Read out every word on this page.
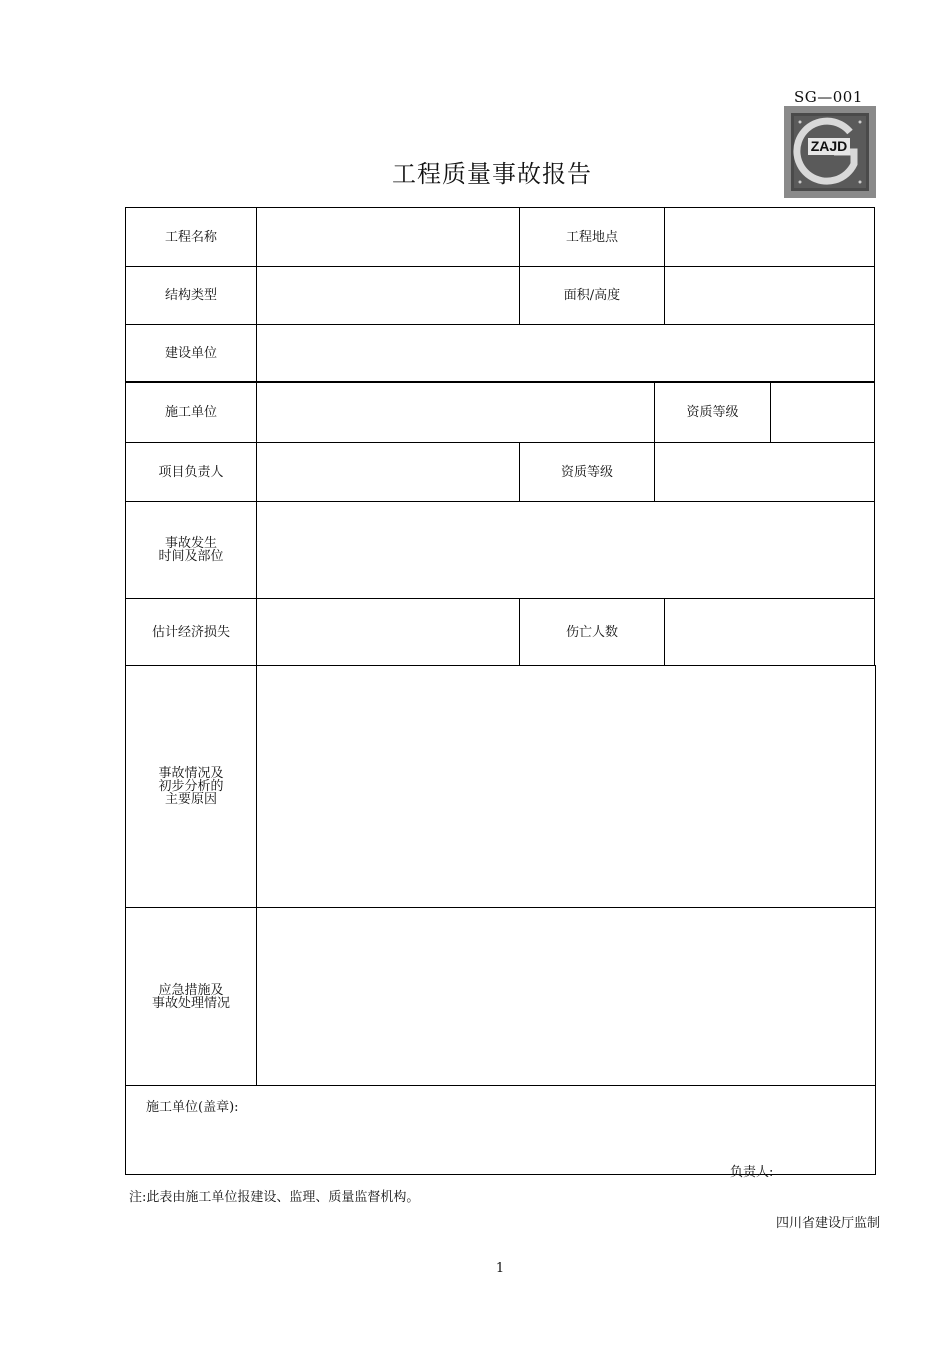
SG—001
ZAJD
工程质量事故报告
工程名称	工程地点
结构类型	面积/高度
建设单位
施工单位	资质等级
项目负责人	资质等级
事故发生
时间及部位
估计经济损失	伤亡人数
事故情况及
初步分析的
主要原因
应急措施及
事故处理情况
施工单位(盖章):
负责人:
注:此表由施工单位报建设、监理、质量监督机构。
四川省建设厅监制
1
